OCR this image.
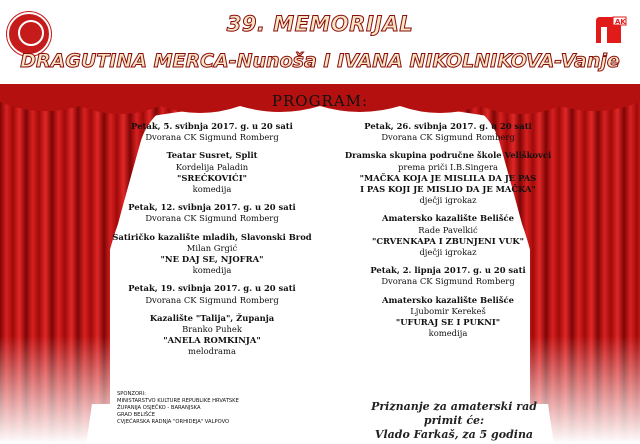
39. MEMORIJAL
DRAGUTINA MERCA-Nunoša I IVANA NIKOLNIKOVA-Vanje
AK
PROGRAM:

Petak, 5. svibnja 2017. g. u 20 sati

Dvorana CK Sigmund Romberg

Teatar Susret, Split

Kordelija Paladin

"SREĆKOVIĆI"

komedija

Petak, 12. svibnja 2017. g. u 20 sati

Dvorana CK Sigmund Romberg

Satiričko kazalište mladih, Slavonski Brod

Milan Grgić

"NE DAJ SE, NJOFRA"

komedija

Petak, 19. svibnja 2017. g. u 20 sati

Dvorana CK Sigmund Romberg

Kazalište "Talija", Županja

Branko Puhek

"ANELA ROMKINJA"

melodrama

Petak, 26. svibnja 2017. g. u 20 sati

Dvorana CK Sigmund Romberg

Dramska skupina područne škole Veliškovci

prema priči I.B.Singera

"MAČKA KOJA JE MISLILA DA JE PAS

I PAS KOJI JE MISLIO DA JE MAČKA"

dječji igrokaz

Amatersko kazalište Belišće

Rade Pavelkić

"CRVENKAPA I ZBUNJENI VUK"

dječji igrokaz

Petak, 2. lipnja 2017. g. u 20 sati

Dvorana CK Sigmund Romberg

Amatersko kazalište Belišće

Ljubomir Kerekeš

"UFURAJ SE I PUKNI"

komedija

SPONZORI:
MINISTARSTVO KULTURE REPUBLIKE HRVATSKE
ŽUPANIJA OSJEČKO - BARANJSKA
GRAD BELIŠĆE
CVJEĆARSKA RADNJA "ORHIDEJA" VALPOVO
Priznanje za amaterski rad primit će:
Vlado Farkaš, za 5 godina
